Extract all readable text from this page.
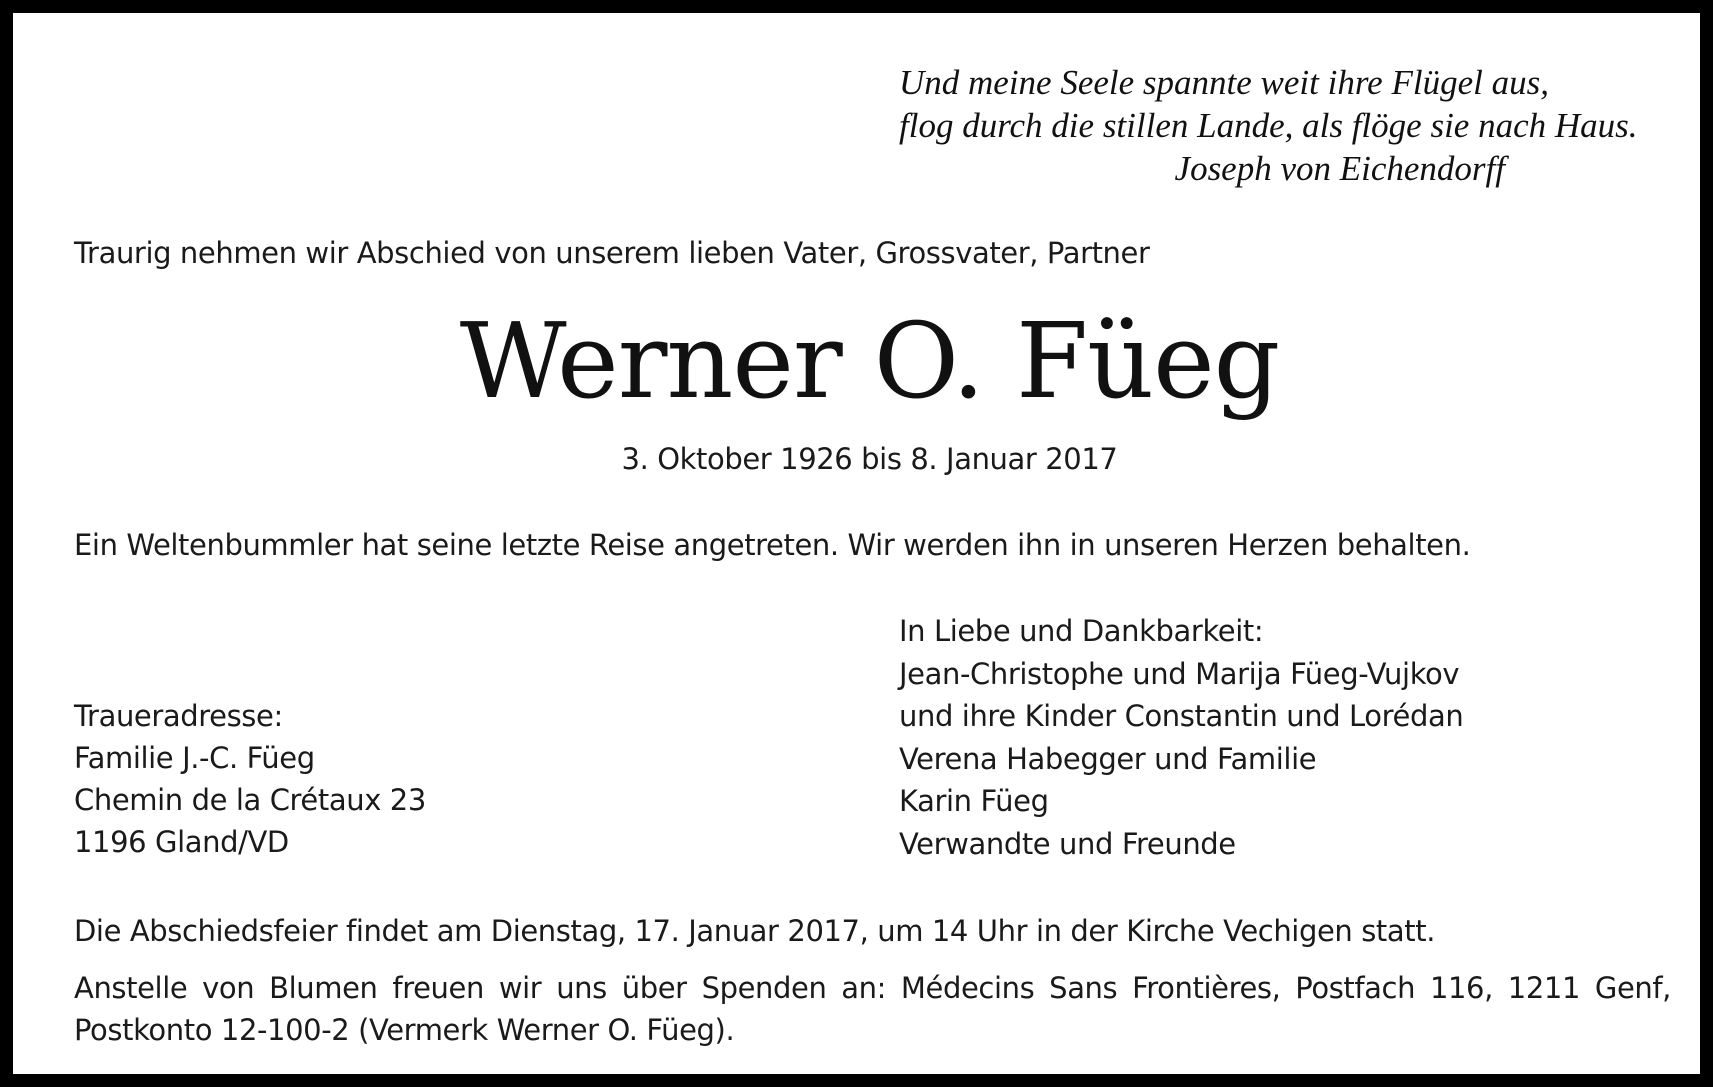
Und meine Seele spannte weit ihre Flügel aus,
flog durch die stillen Lande, als flöge sie nach Haus.
Joseph von Eichendorff
Traurig nehmen wir Abschied von unserem lieben Vater, Grossvater, Partner
Werner O. Füeg
3. Oktober 1926 bis 8. Januar 2017
Ein Weltenbummler hat seine letzte Reise angetreten. Wir werden ihn in unseren Herzen behalten.
In Liebe und Dankbarkeit:
Jean-Christophe und Marija Füeg-Vujkov
und ihre Kinder Constantin und Lorédan
Verena Habegger und Familie
Karin Füeg
Verwandte und Freunde
Traueradresse:
Familie J.-C. Füeg
Chemin de la Crétaux 23
1196 Gland/VD
Die Abschiedsfeier findet am Dienstag, 17. Januar 2017, um 14 Uhr in der Kirche Vechigen statt.
Anstelle von Blumen freuen wir uns über Spenden an: Médecins Sans Frontières, Postfach 116, 1211 Genf,
Postkonto 12-100-2 (Vermerk Werner O. Füeg).
